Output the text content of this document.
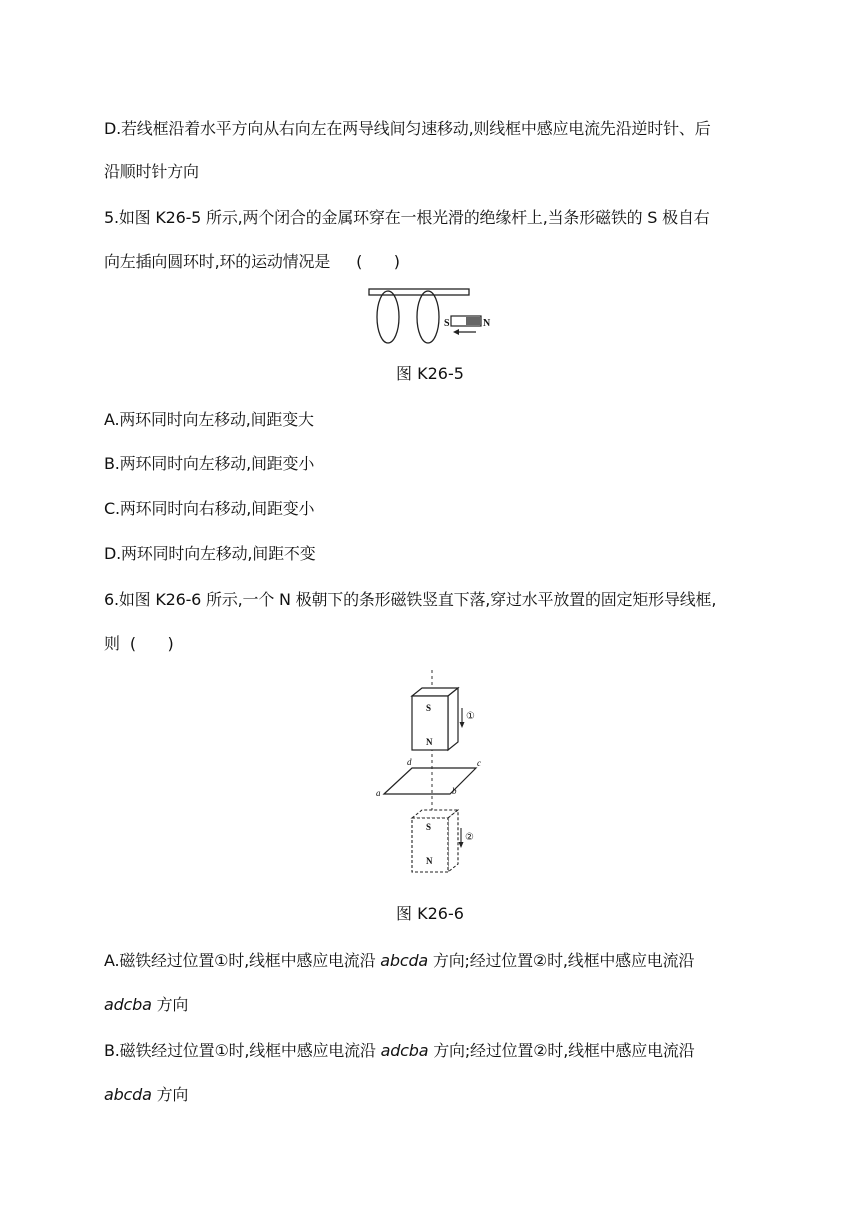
D.若线框沿着水平方向从右向左在两导线间匀速移动,则线框中感应电流先沿逆时针、后
沿顺时针方向
5.如图 K26-5 所示,两个闭合的金属环穿在一根光滑的绝缘杆上,当条形磁铁的 S 极自右
向左插向圆环时,环的运动情况是 (　　)
S	N
图 K26-5
A.两环同时向左移动,间距变大
B.两环同时向左移动,间距变小
C.两环同时向右移动,间距变小
D.两环同时向左移动,间距不变
6.如图 K26-6 所示,一个 N 极朝下的条形磁铁竖直下落,穿过水平放置的固定矩形导线框,
则 (　　)
S
N
①
a	b
c
d
S
N
②
图 K26-6
A.磁铁经过位置①时,线框中感应电流沿 abcda 方向;经过位置②时,线框中感应电流沿
adcba 方向
B.磁铁经过位置①时,线框中感应电流沿 adcba 方向;经过位置②时,线框中感应电流沿
abcda 方向
